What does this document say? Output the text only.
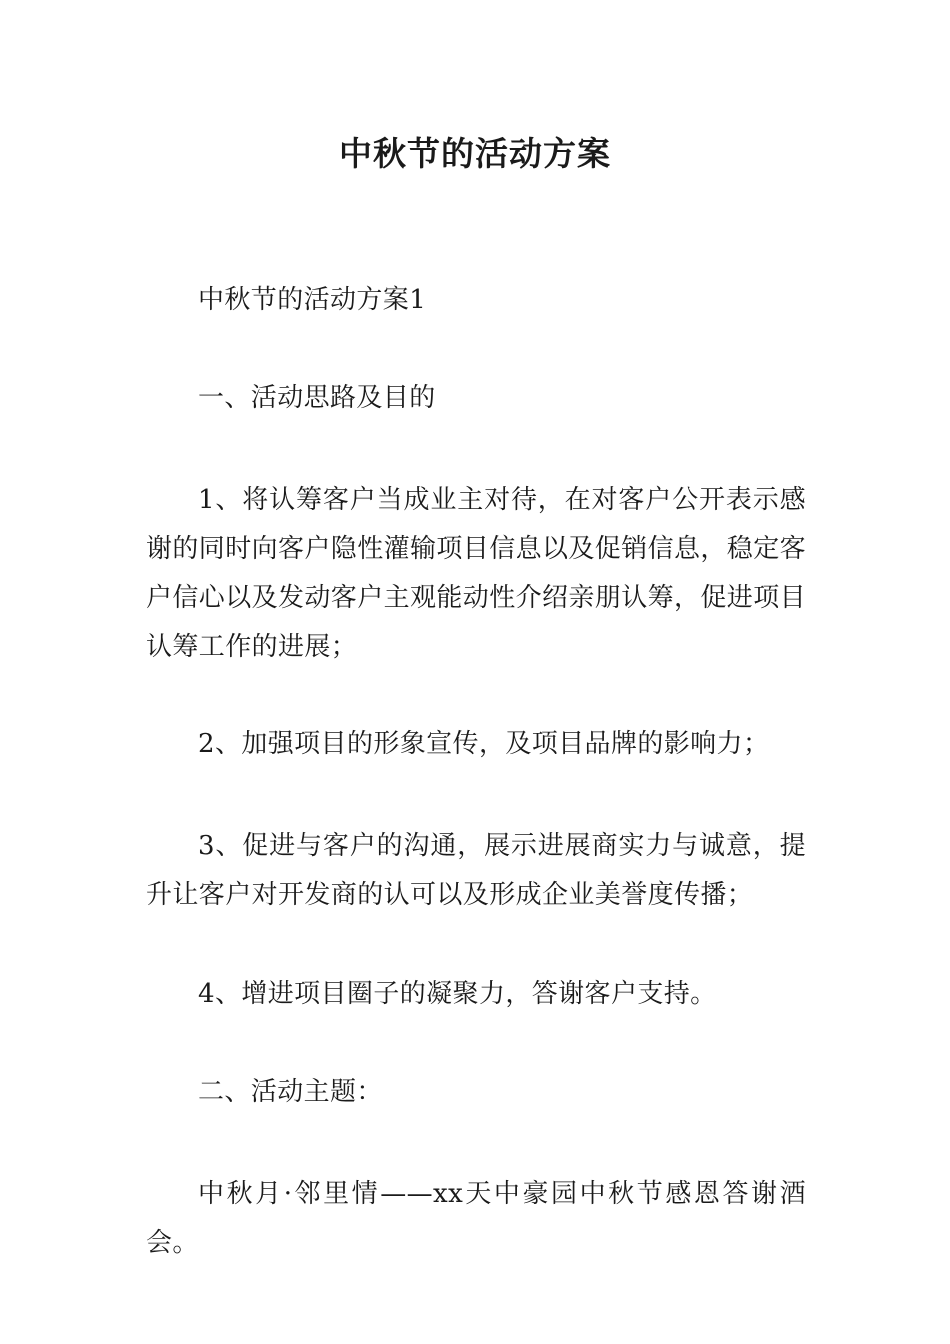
中秋节的活动方案

中秋节的活动方案1

一、活动思路及目的

1、将认筹客户当成业主对待，在对客户公开表示感谢的同时向客户隐性灌输项目信息以及促销信息，稳定客户信心以及发动客户主观能动性介绍亲朋认筹，促进项目认筹工作的进展；

2、加强项目的形象宣传，及项目品牌的影响力；

3、促进与客户的沟通，展示进展商实力与诚意，提升让客户对开发商的认可以及形成企业美誉度传播；

4、增进项目圈子的凝聚力，答谢客户支持。

二、活动主题：

中秋月·邻里情——xx天中豪园中秋节感恩答谢酒会。
